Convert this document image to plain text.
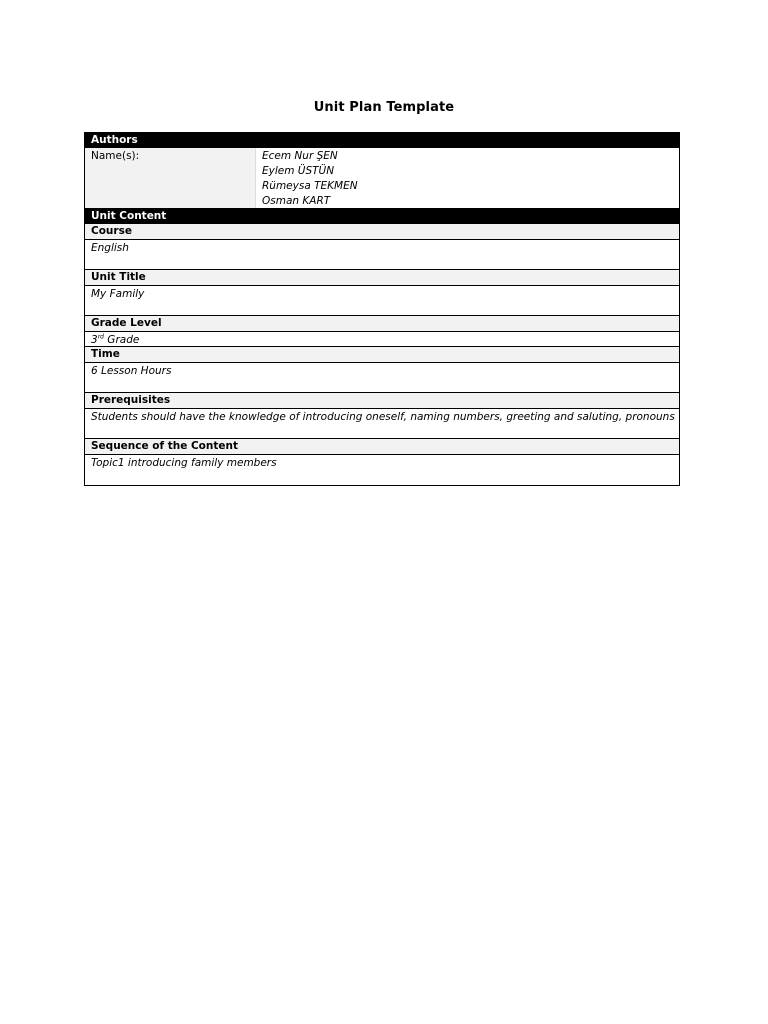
Unit Plan Template
Authors
Name(s):	Ecem Nur ŞEN
Eylem ÜSTÜN
Rümeysa TEKMEN
Osman KART
Unit Content
Course
English
Unit Title
My Family
Grade Level
3rd Grade
Time
6 Lesson Hours
Prerequisites
Students should have the knowledge of introducing oneself, naming numbers, greeting and saluting, pronouns
Sequence of the Content
Topic1 introducing family members
